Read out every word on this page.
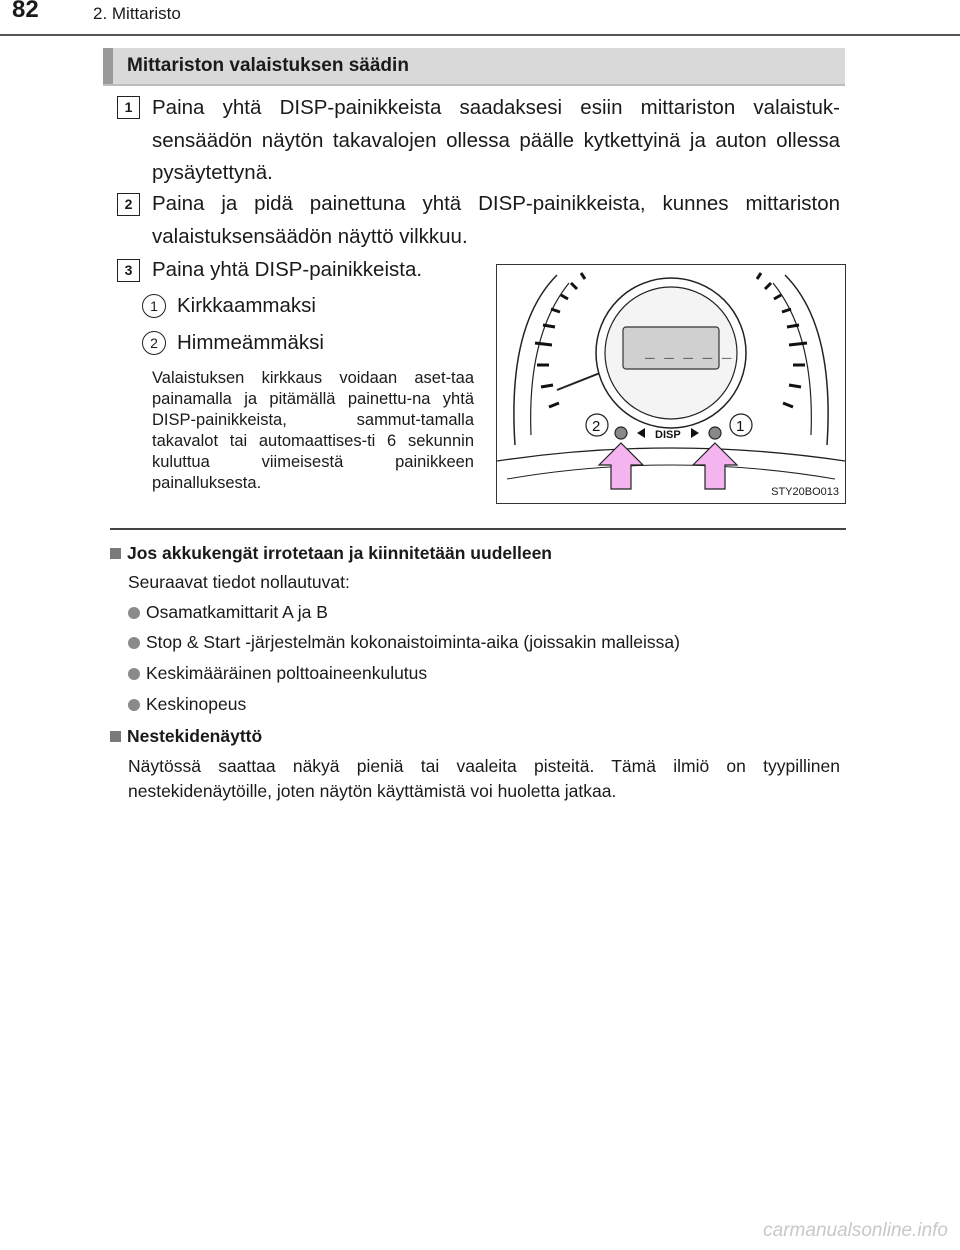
82	2. Mittaristo
Mittariston valaistuksen säädin
1 Paina yhtä DISP-painikkeista saadaksesi esiin mittariston valaistuk-sensäädön näytön takavalojen ollessa päälle kytkettyinä ja auton ollessa pysäytettynä.
2 Paina ja pidä painettuna yhtä DISP-painikkeista, kunnes mittariston valaistuksensäädön näyttö vilkkuu.
3 Paina yhtä DISP-painikkeista.
1 Kirkkaammaksi
2 Himmeämmäksi
Valaistuksen kirkkaus voidaan aset-taa painamalla ja pitämällä painettu-na yhtä DISP-painikkeista, sammut-tamalla takavalot tai automaattises-ti 6 sekunnin kuluttua viimeisestä painikkeen painalluksesta.
_ _ _ _ _
DISP
2	1
STY20BO013
Jos akkukengät irrotetaan ja kiinnitetään uudelleen
Seuraavat tiedot nollautuvat:
Osamatkamittarit A ja B
Stop & Start -järjestelmän kokonaistoiminta-aika (joissakin malleissa)
Keskimääräinen polttoaineenkulutus
Keskinopeus
Nestekidenäyttö
Näytössä saattaa näkyä pieniä tai vaaleita pisteitä. Tämä ilmiö on tyypillinen nestekidenäytöille, joten näytön käyttämistä voi huoletta jatkaa.
carmanualsonline.info
